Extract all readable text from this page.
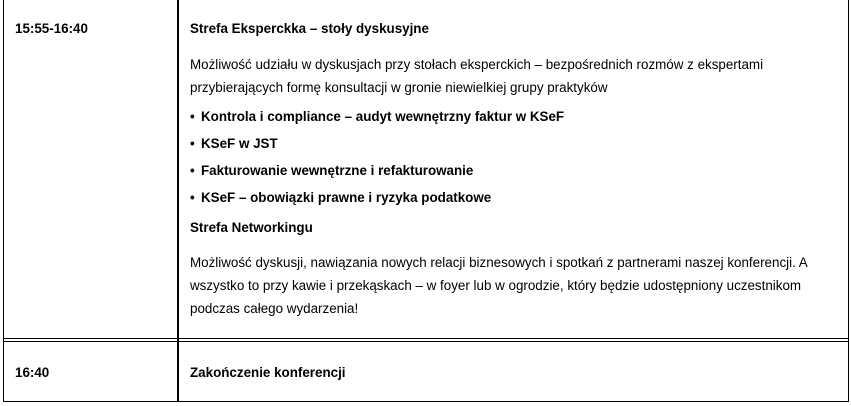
15:55-16:40	Strefa Eksperckka – stoły dyskusyjne

Możliwość udziału w dyskusjach przy stołach eksperckich – bezpośrednich rozmów z ekspertami przybierających formę konsultacji w gronie niewielkiej grupy praktyków

• Kontrola i compliance – audyt wewnętrzny faktur w KSeF
• KSeF w JST
• Fakturowanie wewnętrzne i refakturowanie
• KSeF – obowiązki prawne i ryzyka podatkowe
Strefa Networkingu

Możliwość dyskusji, nawiązania nowych relacji biznesowych i spotkań z partnerami naszej konferencji. A wszystko to przy kawie i przekąskach – w foyer lub w ogrodzie, który będzie udostępniony uczestnikom podczas całego wydarzenia!

16:40	Zakończenie konferencji
